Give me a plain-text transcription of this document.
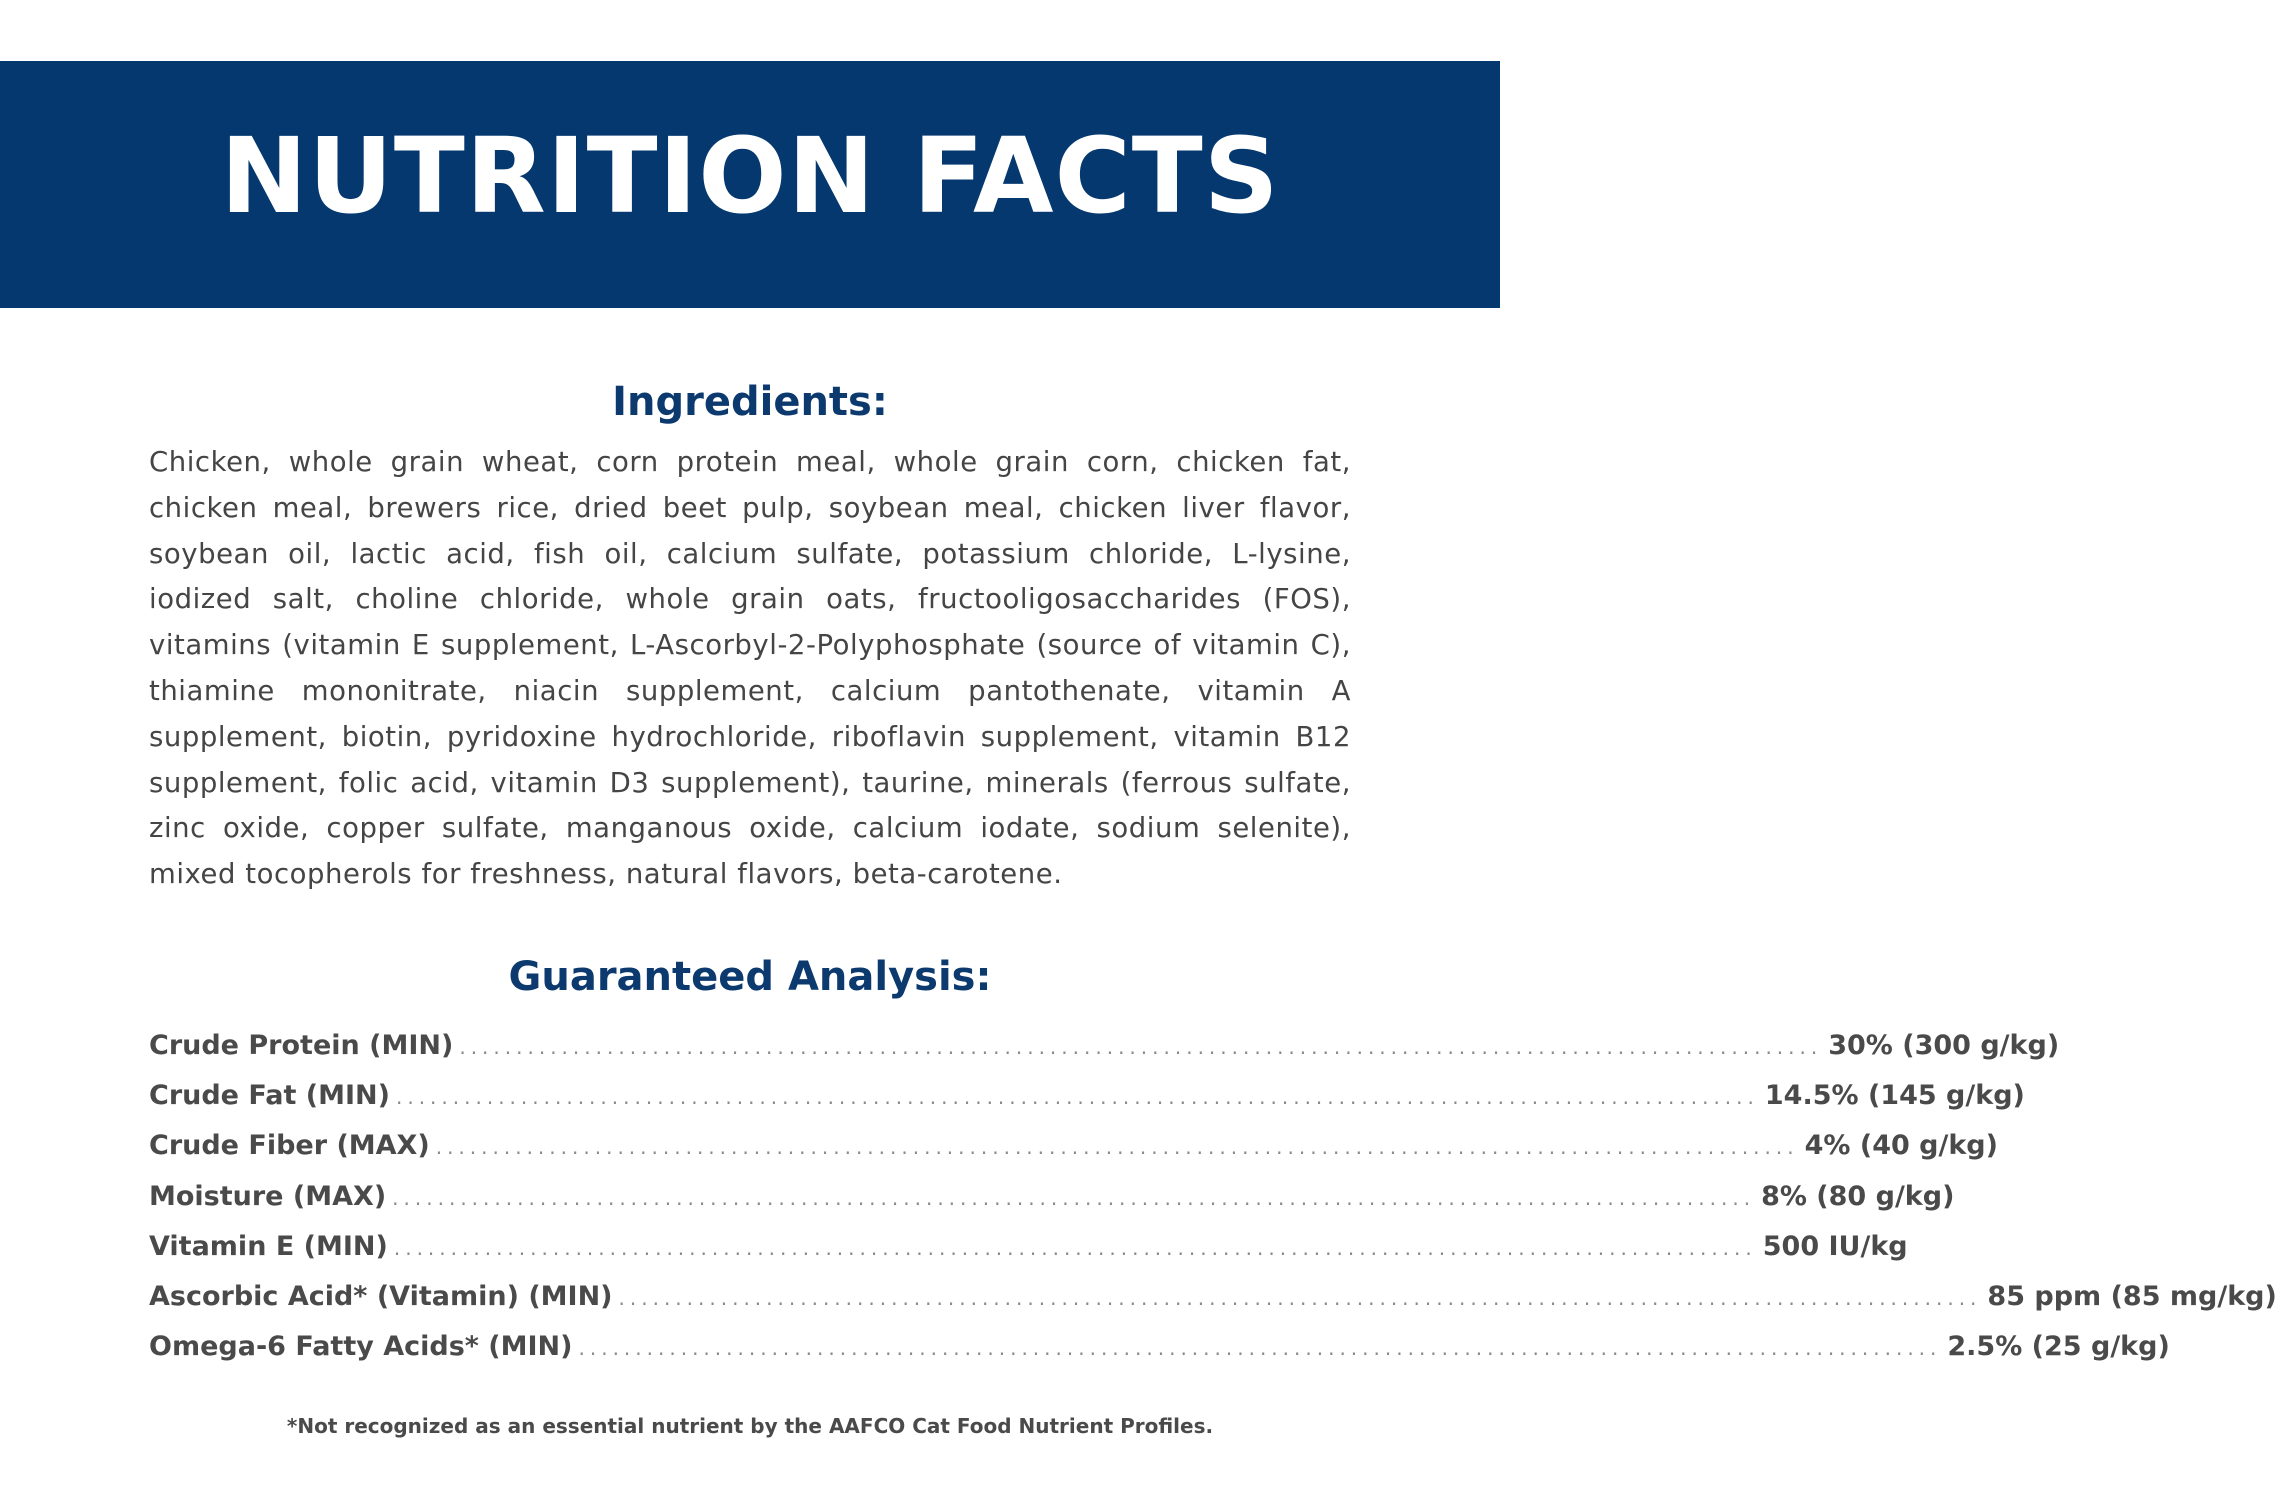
NUTRITION FACTS
Ingredients:

Chicken, whole grain wheat, corn protein meal, whole grain corn, chicken fat, chicken meal, brewers rice, dried beet pulp, soybean meal, chicken liver flavor, soybean oil, lactic acid, fish oil, calcium sulfate, potassium chloride, L-lysine, iodized salt, choline chloride, whole grain oats, fructooligosaccharides (FOS), vitamins (vitamin E supplement, L-Ascorbyl-2-Polyphosphate (source of vitamin C), thiamine mononitrate, niacin supplement, calcium pantothenate, vitamin A supplement, biotin, pyridoxine hydrochloride, riboflavin supplement, vitamin B12 supplement, folic acid, vitamin D3 supplement), taurine, minerals (ferrous sulfate, zinc oxide, copper sulfate, manganous oxide, calcium iodate, sodium selenite), mixed tocopherols for freshness, natural flavors, beta-carotene.

Guaranteed Analysis:
Crude Protein (MIN) ........................................................................................................................ 30% (300 g/kg)
Crude Fat (MIN) ........................................................................................................................ 14.5% (145 g/kg)
Crude Fiber (MAX) ........................................................................................................................ 4% (40 g/kg)
Moisture (MAX) ........................................................................................................................ 8% (80 g/kg)
Vitamin E (MIN) ........................................................................................................................ 500 IU/kg
Ascorbic Acid* (Vitamin) (MIN) ........................................................................................................................ 85 ppm (85 mg/kg)
Omega-6 Fatty Acids* (MIN) ........................................................................................................................ 2.5% (25 g/kg)
*Not recognized as an essential nutrient by the AAFCO Cat Food Nutrient Profiles.
